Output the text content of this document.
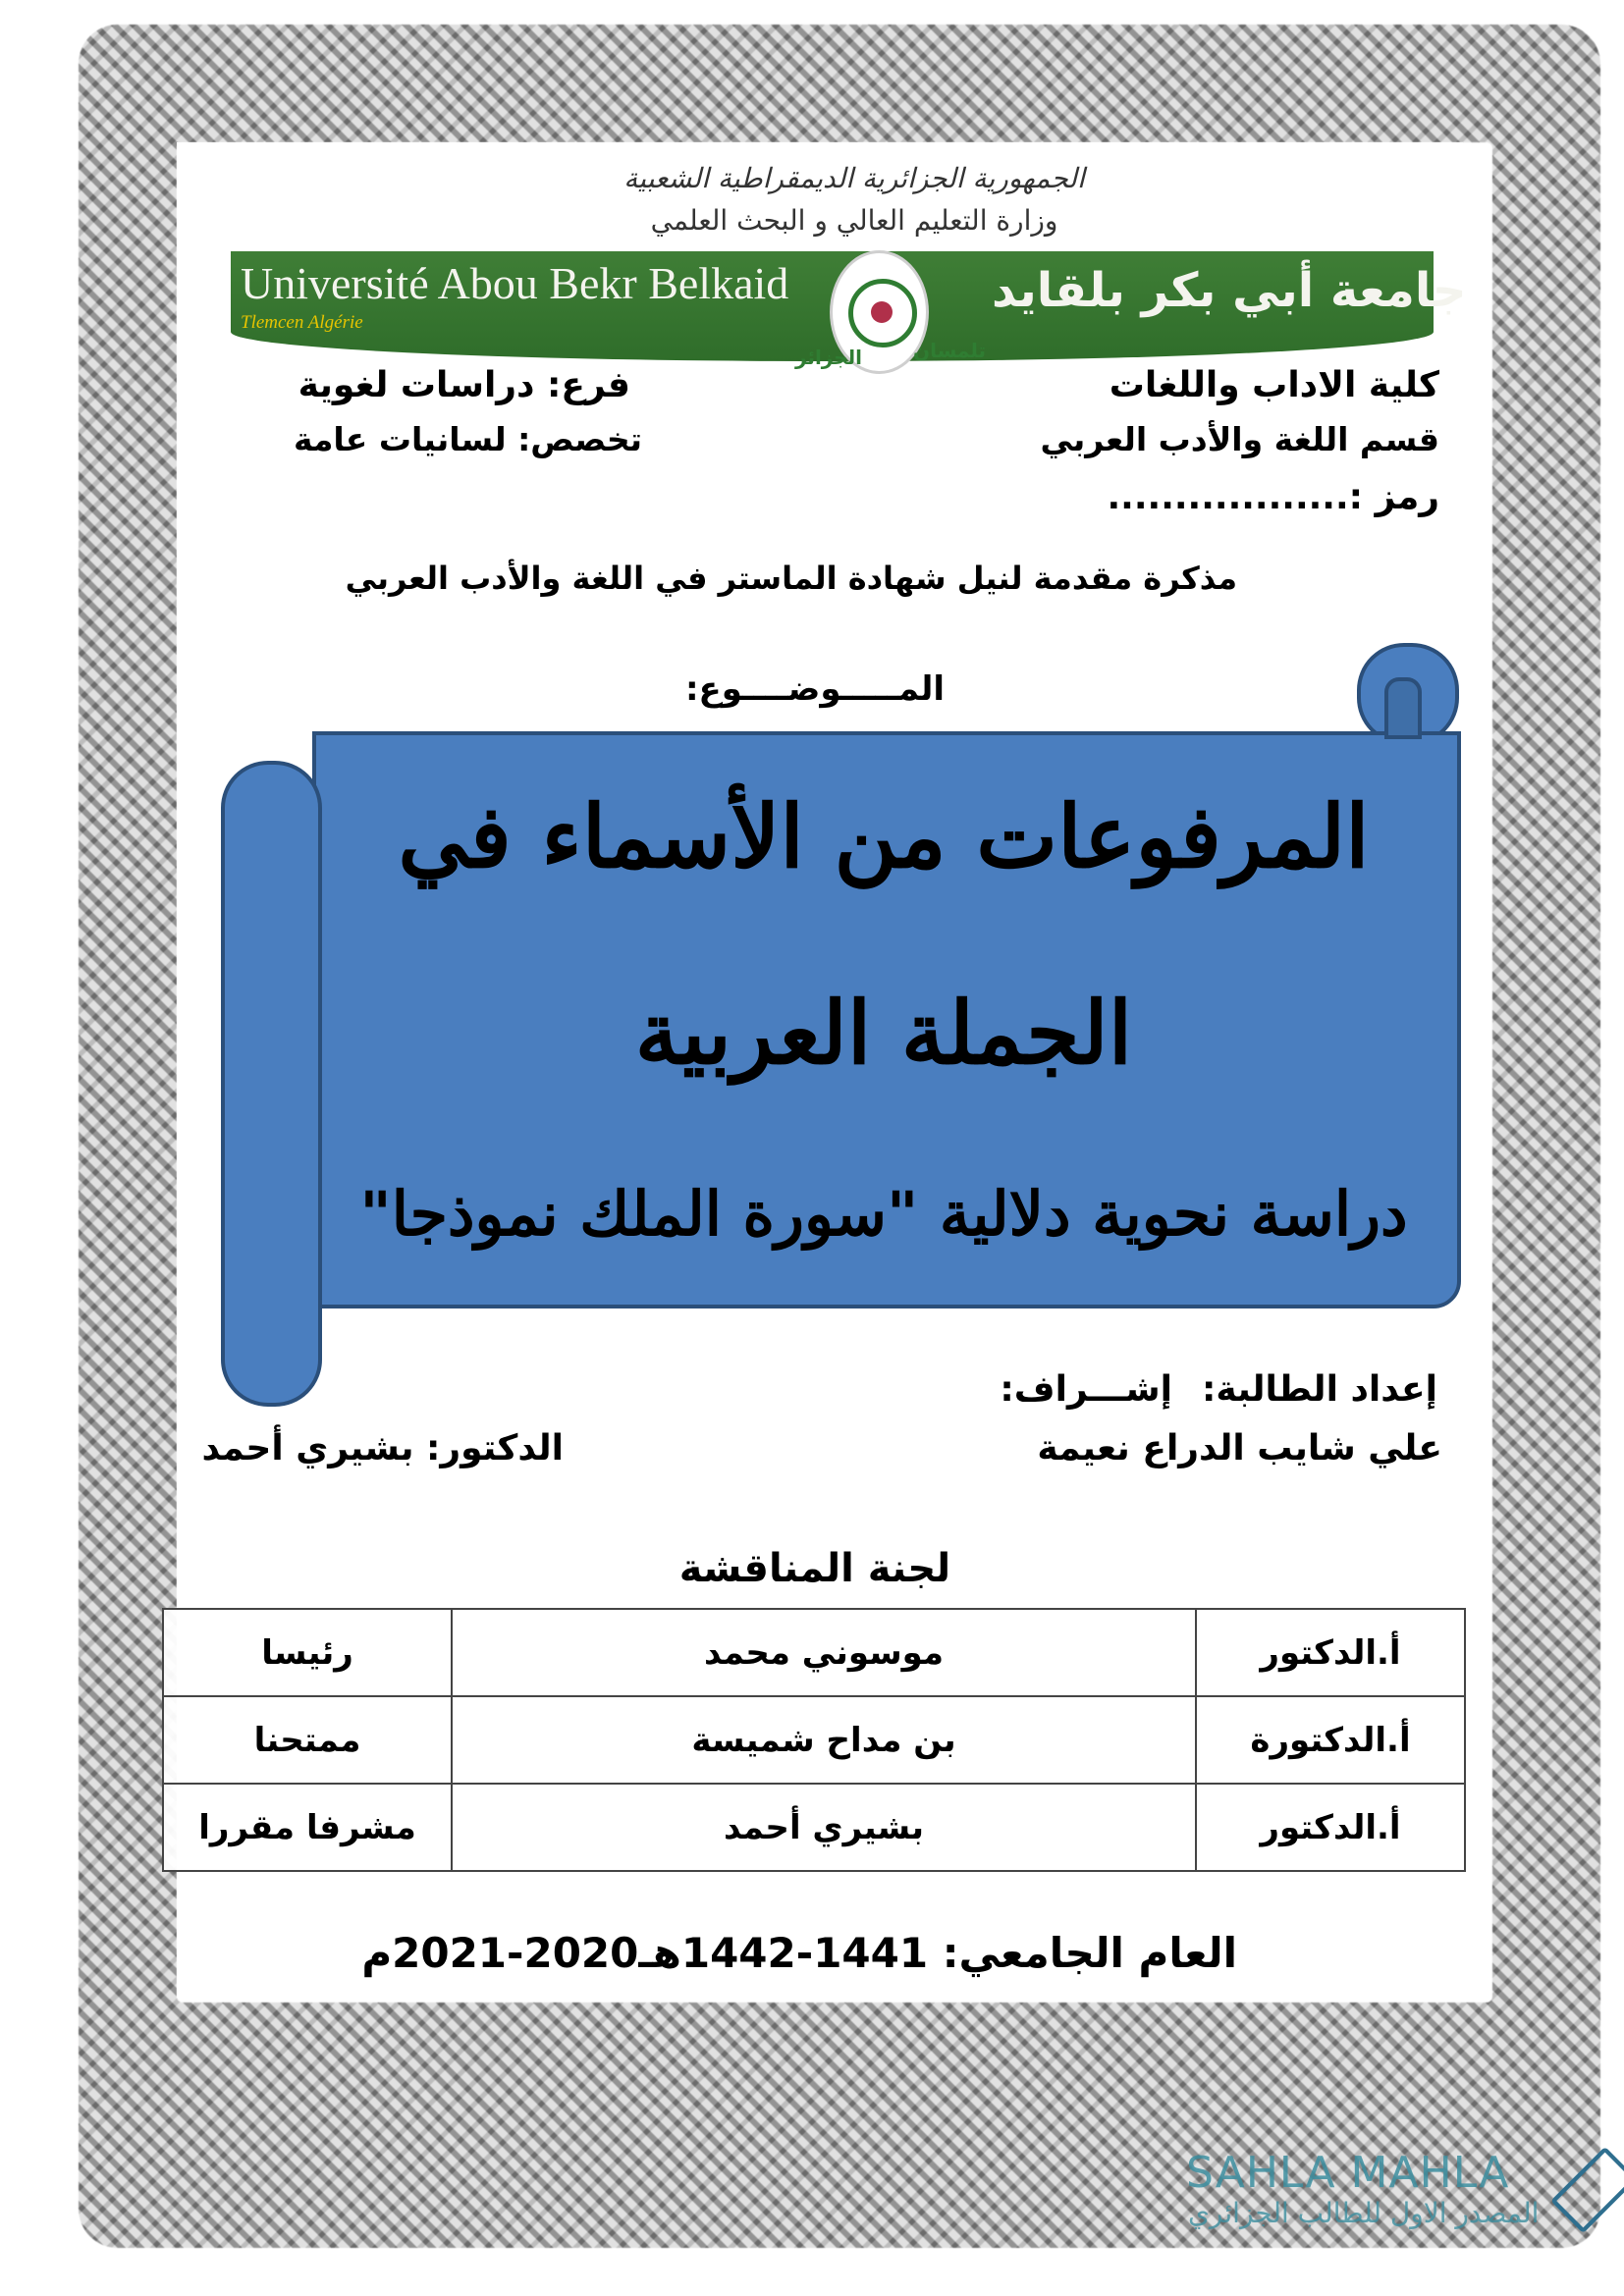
الجمهورية الجزائرية الديمقراطية الشعبية
وزارة التعليم العالي و البحث العلمي
Université Abou Bekr Belkaid
Tlemcen Algérie
جامعة أبي بكر بلقايد
تلمسان
الجزائر
كلية الاداب واللغات
قسم اللغة والأدب العربي
رمز :..................
فرع: دراسات لغوية
تخصص: لسانيات عامة
مذكرة مقدمة لنيل شهادة الماستر في اللغة والأدب العربي
المـــــوضــــوع:
المرفوعات من الأسماء في
الجملة العربية
دراسة نحوية دلالية "سورة الملك نموذجا"
إعداد الطالبة:
إشـــراف:
علي شايب الدراع نعيمة
الدكتور: بشيري أحمد
لجنة المناقشة
أ.الدكتور	موسوني محمد	رئيسا
أ.الدكتورة	بن مداح شميسة	ممتحنا
أ.الدكتور	بشيري أحمد	مشرفا مقررا
العام الجامعي: 1441-1442هـ2020-2021م
SAHLA MAHLA
المصدر الاول للطالب الجزائري
